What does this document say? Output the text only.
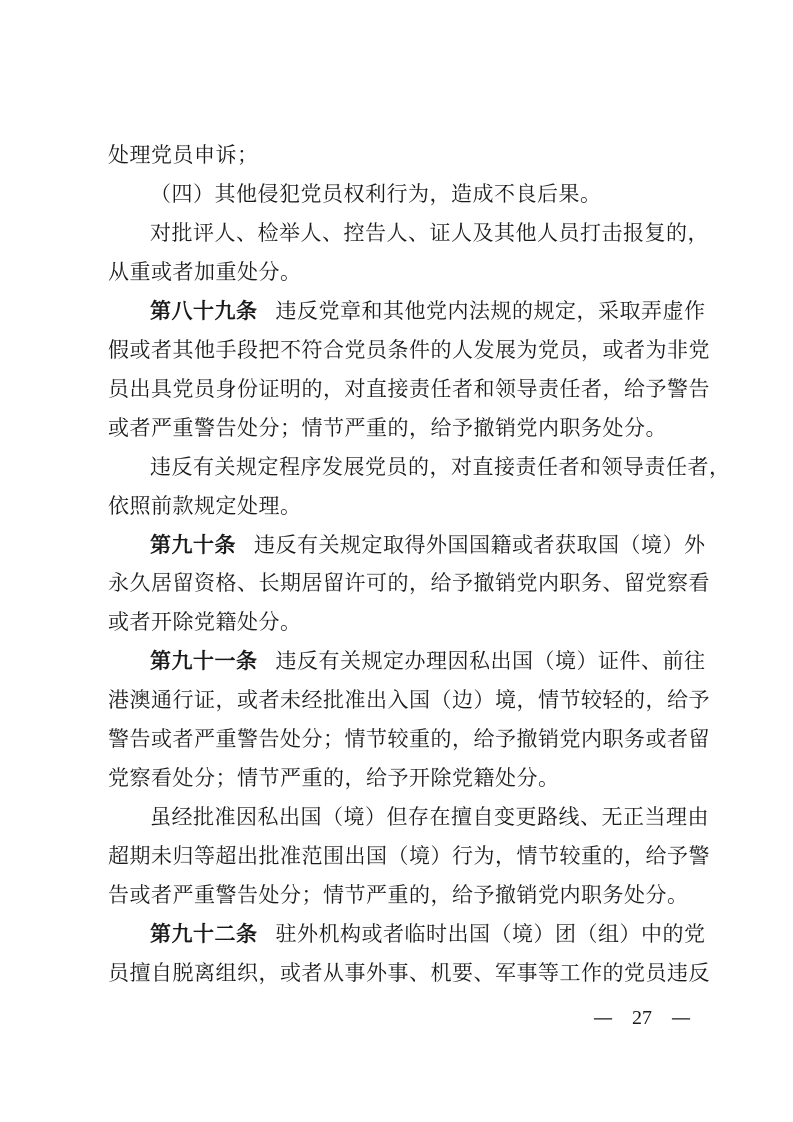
处理党员申诉；
（四）其他侵犯党员权利行为，造成不良后果。
对批评人、检举人、控告人、证人及其他人员打击报复的，
从重或者加重处分。
第八十九条 违反党章和其他党内法规的规定，采取弄虚作
假或者其他手段把不符合党员条件的人发展为党员，或者为非党
员出具党员身份证明的，对直接责任者和领导责任者，给予警告
或者严重警告处分；情节严重的，给予撤销党内职务处分。
违反有关规定程序发展党员的，对直接责任者和领导责任者，
依照前款规定处理。
第九十条 违反有关规定取得外国国籍或者获取国（境）外
永久居留资格、长期居留许可的，给予撤销党内职务、留党察看
或者开除党籍处分。
第九十一条 违反有关规定办理因私出国（境）证件、前往
港澳通行证，或者未经批准出入国（边）境，情节较轻的，给予
警告或者严重警告处分；情节较重的，给予撤销党内职务或者留
党察看处分；情节严重的，给予开除党籍处分。
虽经批准因私出国（境）但存在擅自变更路线、无正当理由
超期未归等超出批准范围出国（境）行为，情节较重的，给予警
告或者严重警告处分；情节严重的，给予撤销党内职务处分。
— 27 —
第九十二条 驻外机构或者临时出国（境）团（组）中的党
员擅自脱离组织，或者从事外事、机要、军事等工作的党员违反
